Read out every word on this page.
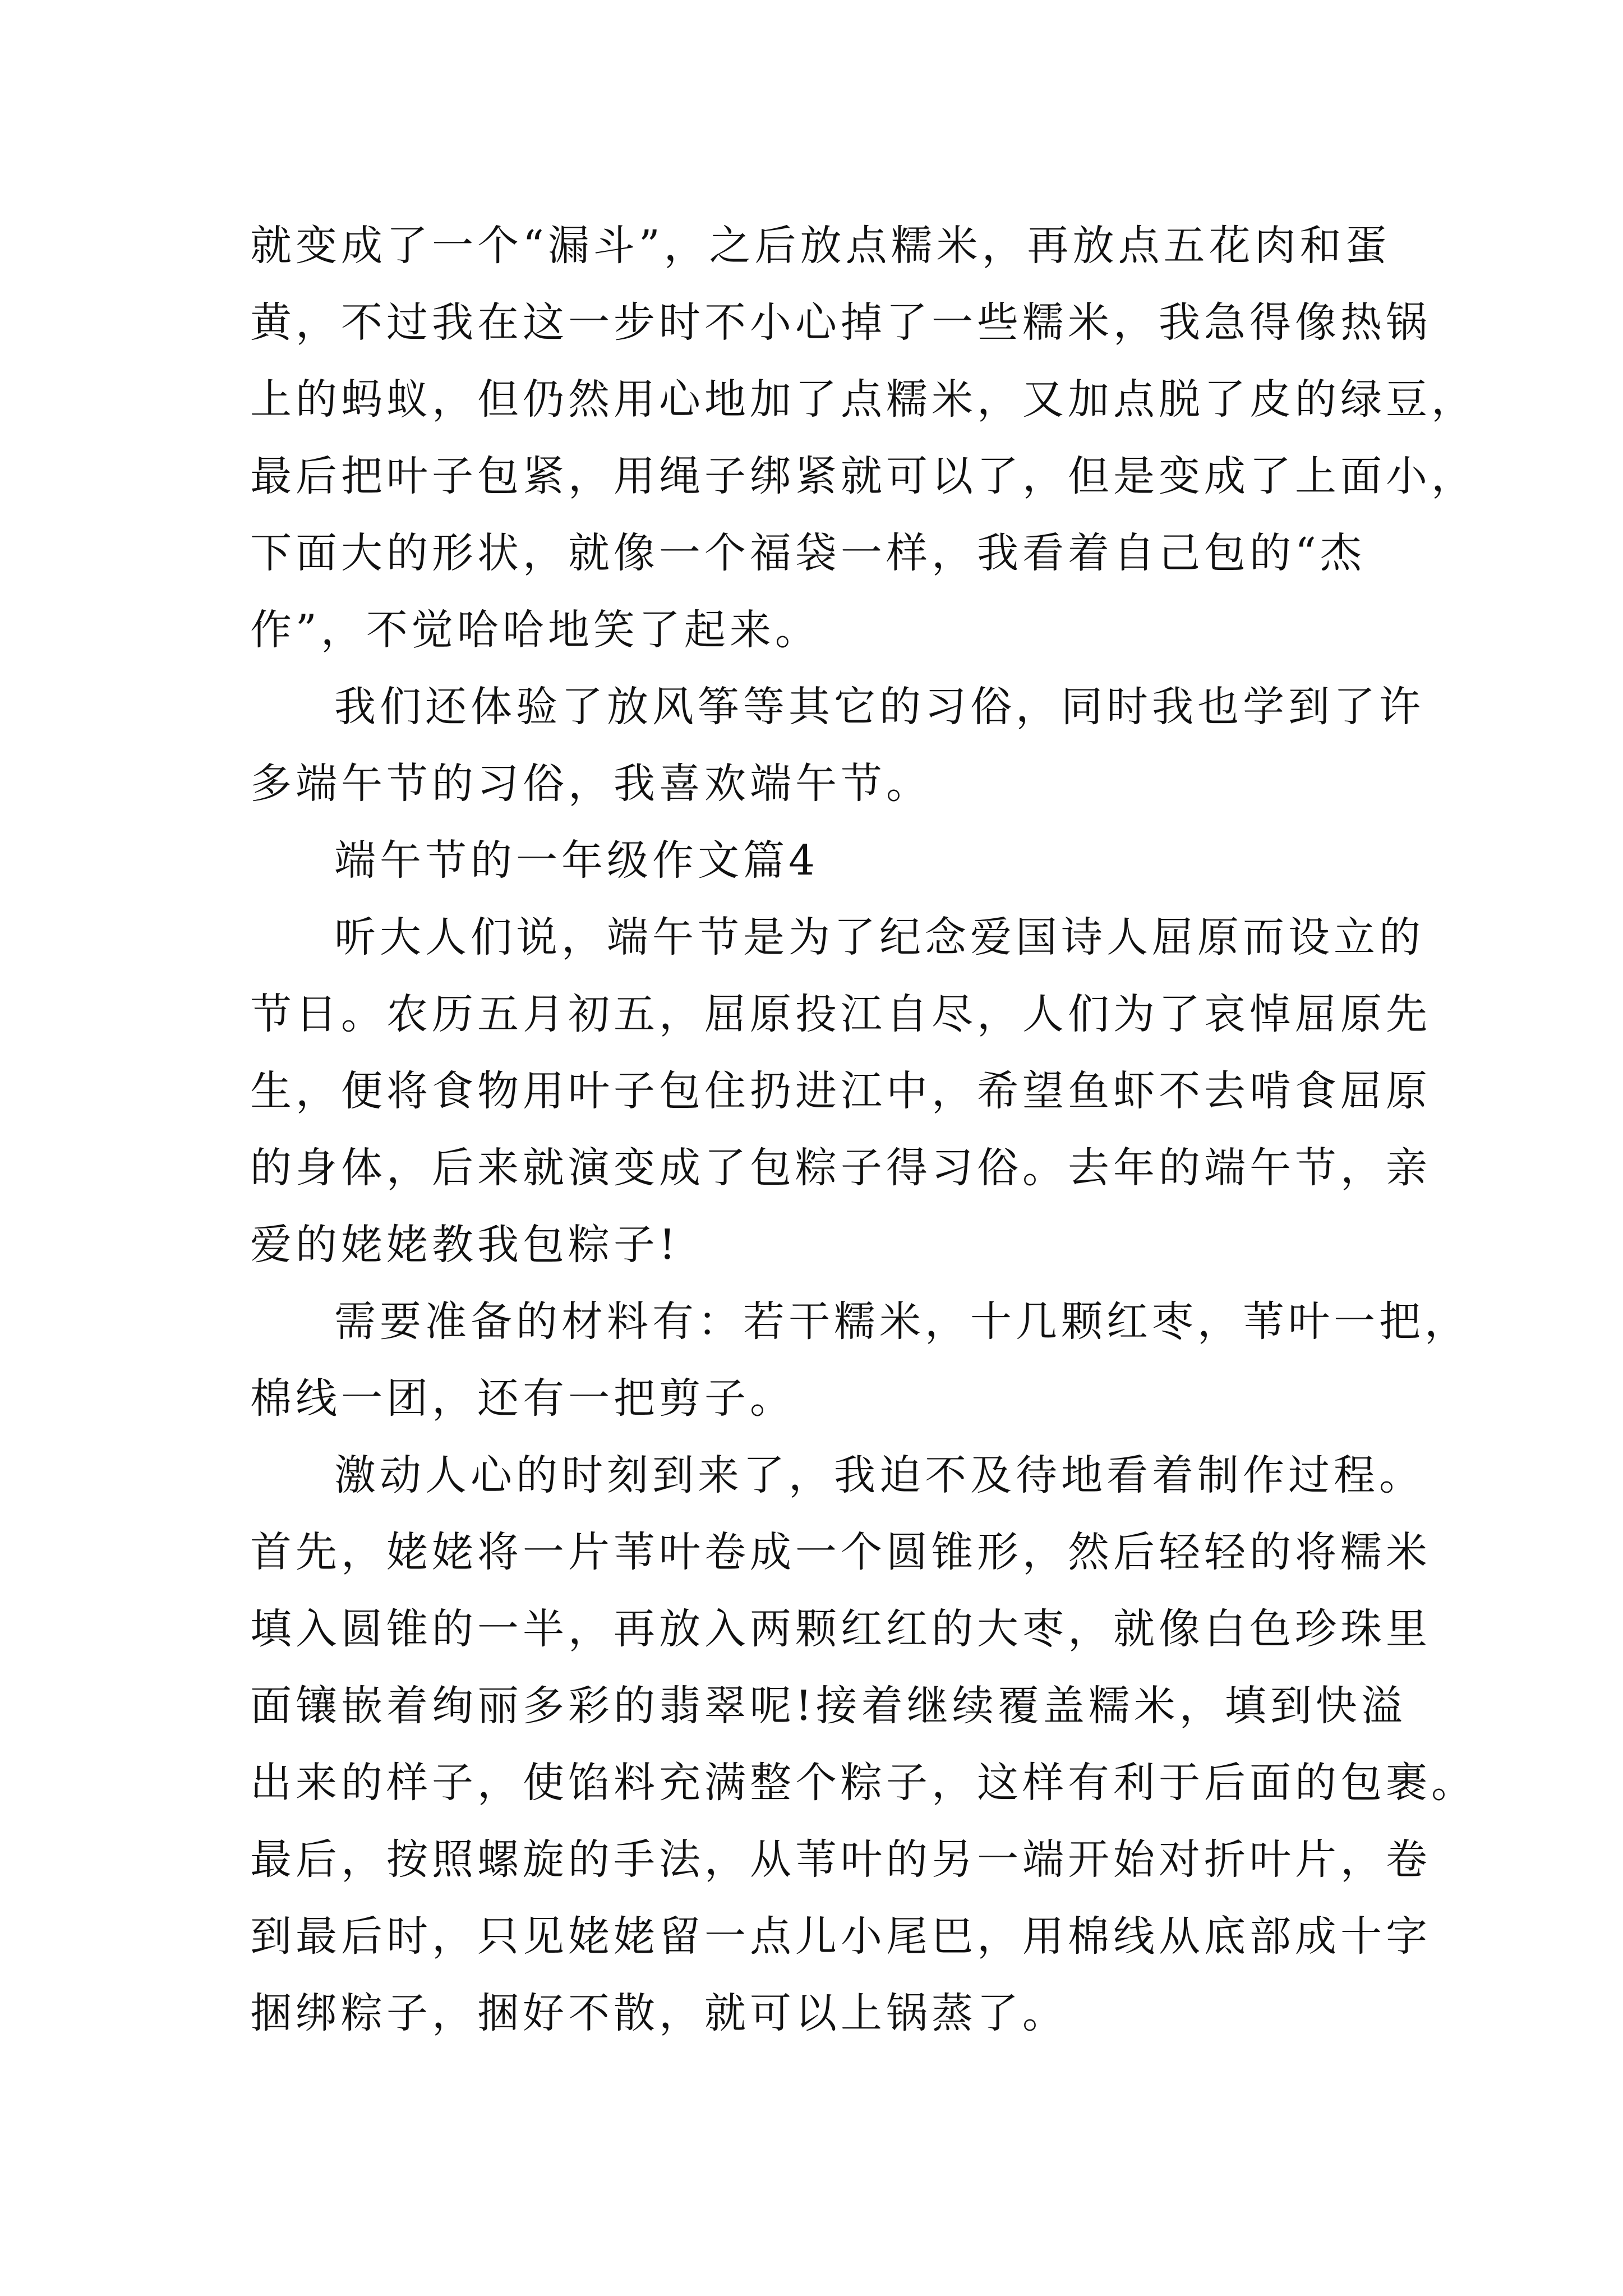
就变成了一个“漏斗”，之后放点糯米，再放点五花肉和蛋
黄，不过我在这一步时不小心掉了一些糯米，我急得像热锅
上的蚂蚁，但仍然用心地加了点糯米，又加点脱了皮的绿豆，
最后把叶子包紧，用绳子绑紧就可以了，但是变成了上面小，
下面大的形状，就像一个福袋一样，我看着自己包的“杰
作”，不觉哈哈地笑了起来。
我们还体验了放风筝等其它的习俗，同时我也学到了许
多端午节的习俗，我喜欢端午节。
端午节的一年级作文篇4
听大人们说，端午节是为了纪念爱国诗人屈原而设立的
节日。农历五月初五，屈原投江自尽，人们为了哀悼屈原先
生，便将食物用叶子包住扔进江中，希望鱼虾不去啃食屈原
的身体，后来就演变成了包粽子得习俗。去年的端午节，亲
爱的姥姥教我包粽子!
需要准备的材料有：若干糯米，十几颗红枣，苇叶一把，
棉线一团，还有一把剪子。
激动人心的时刻到来了，我迫不及待地看着制作过程。
首先，姥姥将一片苇叶卷成一个圆锥形，然后轻轻的将糯米
填入圆锥的一半，再放入两颗红红的大枣，就像白色珍珠里
面镶嵌着绚丽多彩的翡翠呢!接着继续覆盖糯米，填到快溢
出来的样子，使馅料充满整个粽子，这样有利于后面的包裹。
最后，按照螺旋的手法，从苇叶的另一端开始对折叶片，卷
到最后时，只见姥姥留一点儿小尾巴，用棉线从底部成十字
捆绑粽子，捆好不散，就可以上锅蒸了。
